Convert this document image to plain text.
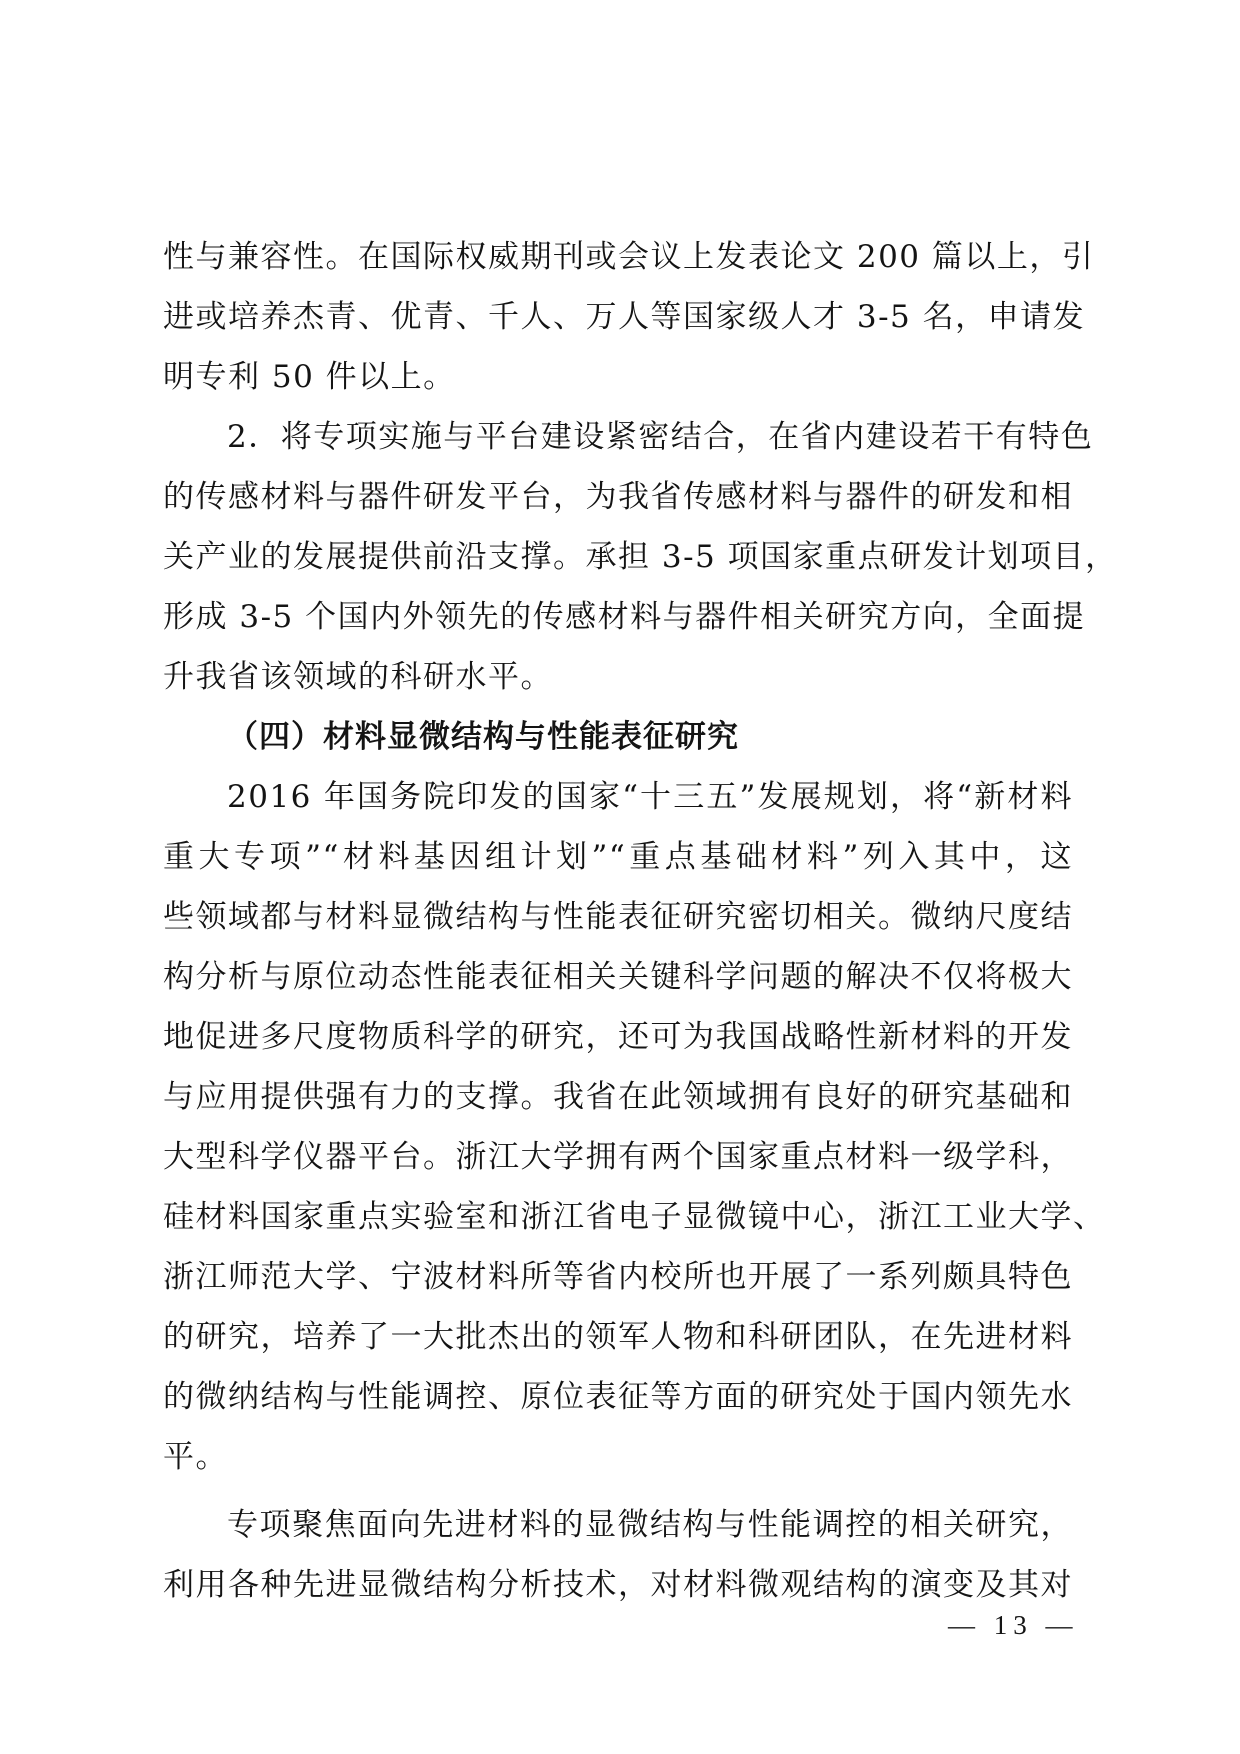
性与兼容性。在国际权威期刊或会议上发表论文 200 篇以上，引
进或培养杰青、优青、千人、万人等国家级人才 3-5 名，申请发
明专利 50 件以上。
2．将专项实施与平台建设紧密结合，在省内建设若干有特色
的传感材料与器件研发平台，为我省传感材料与器件的研发和相
关产业的发展提供前沿支撑。承担 3-5 项国家重点研发计划项目，
形成 3-5 个国内外领先的传感材料与器件相关研究方向，全面提
升我省该领域的科研水平。
（四）材料显微结构与性能表征研究
2016 年国务院印发的国家“十三五”发展规划，将“新材料
重大专项”“材料基因组计划”“重点基础材料”列入其中，这
些领域都与材料显微结构与性能表征研究密切相关。微纳尺度结
构分析与原位动态性能表征相关关键科学问题的解决不仅将极大
地促进多尺度物质科学的研究，还可为我国战略性新材料的开发
与应用提供强有力的支撑。我省在此领域拥有良好的研究基础和
大型科学仪器平台。浙江大学拥有两个国家重点材料一级学科，
硅材料国家重点实验室和浙江省电子显微镜中心，浙江工业大学、
浙江师范大学、宁波材料所等省内校所也开展了一系列颇具特色
的研究，培养了一大批杰出的领军人物和科研团队，在先进材料
的微纳结构与性能调控、原位表征等方面的研究处于国内领先水
平。
专项聚焦面向先进材料的显微结构与性能调控的相关研究，
利用各种先进显微结构分析技术，对材料微观结构的演变及其对
— 13 —
